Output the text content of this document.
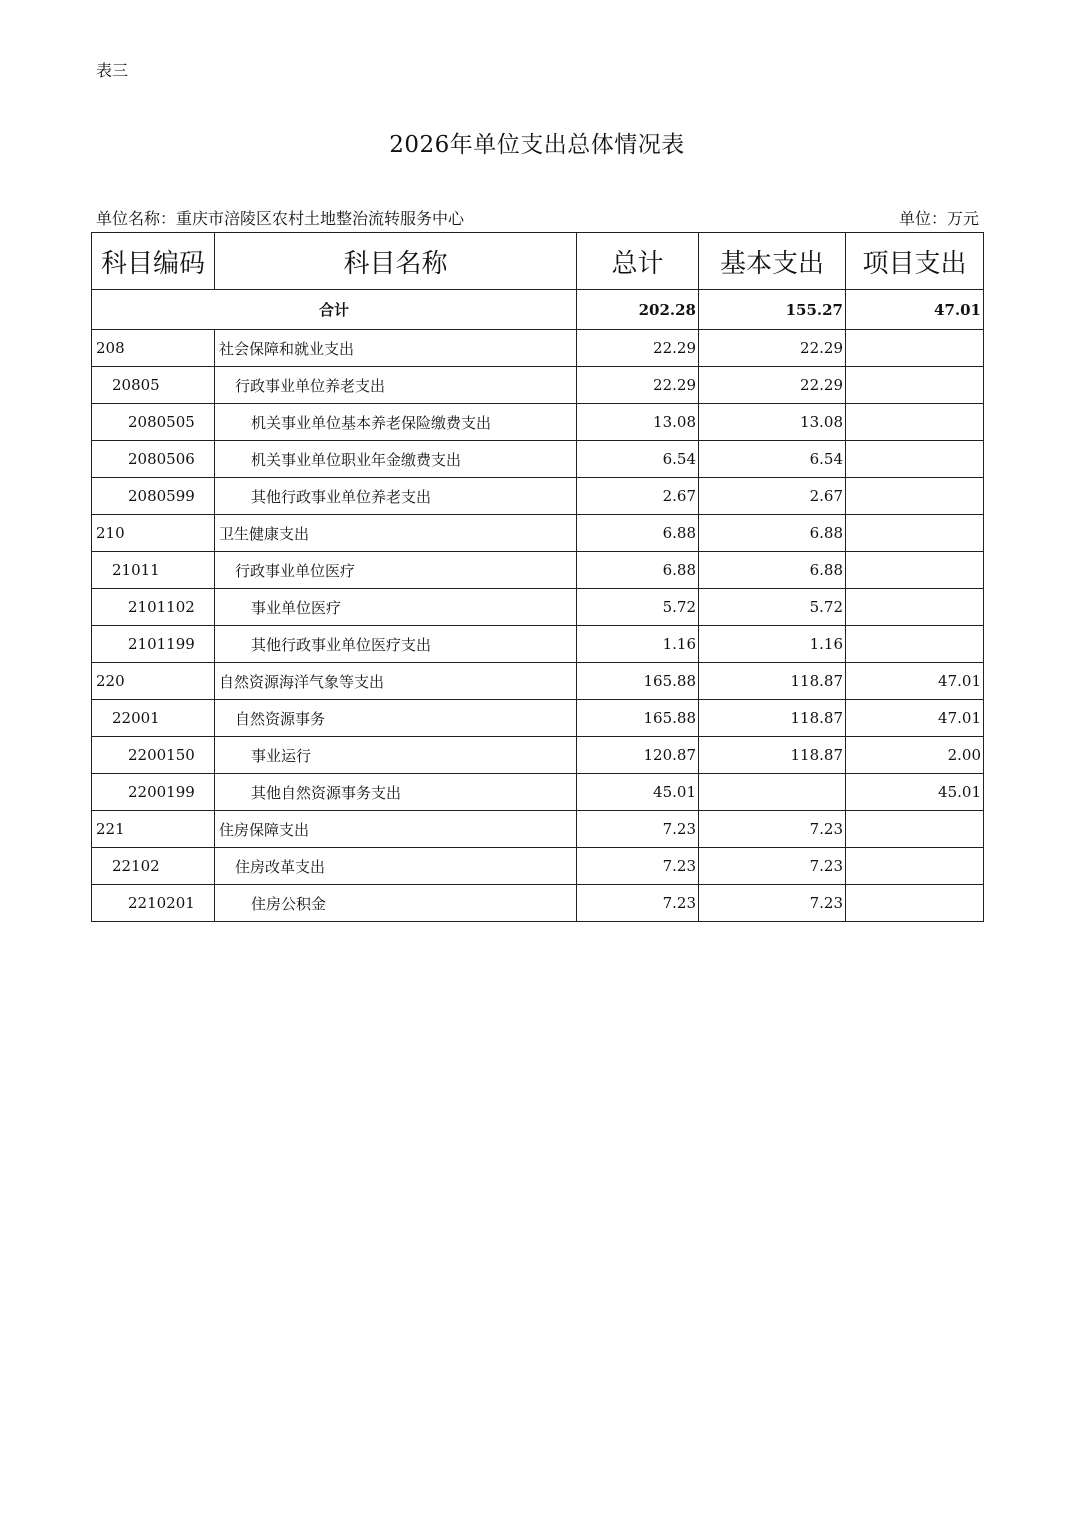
表三
2026年单位支出总体情况表
单位名称：重庆市涪陵区农村土地整治流转服务中心	单位：万元
科目编码	科目名称	总计	基本支出	项目支出
合计		202.28	155.27	47.01
208	社会保障和就业支出	22.29	22.29	
20805	行政事业单位养老支出	22.29	22.29	
2080505	机关事业单位基本养老保险缴费支出	13.08	13.08	
2080506	机关事业单位职业年金缴费支出	6.54	6.54	
2080599	其他行政事业单位养老支出	2.67	2.67	
210	卫生健康支出	6.88	6.88	
21011	行政事业单位医疗	6.88	6.88	
2101102	事业单位医疗	5.72	5.72	
2101199	其他行政事业单位医疗支出	1.16	1.16	
220	自然资源海洋气象等支出	165.88	118.87	47.01
22001	自然资源事务	165.88	118.87	47.01
2200150	事业运行	120.87	118.87	2.00
2200199	其他自然资源事务支出	45.01		45.01
221	住房保障支出	7.23	7.23	
22102	住房改革支出	7.23	7.23	
2210201	住房公积金	7.23	7.23	
